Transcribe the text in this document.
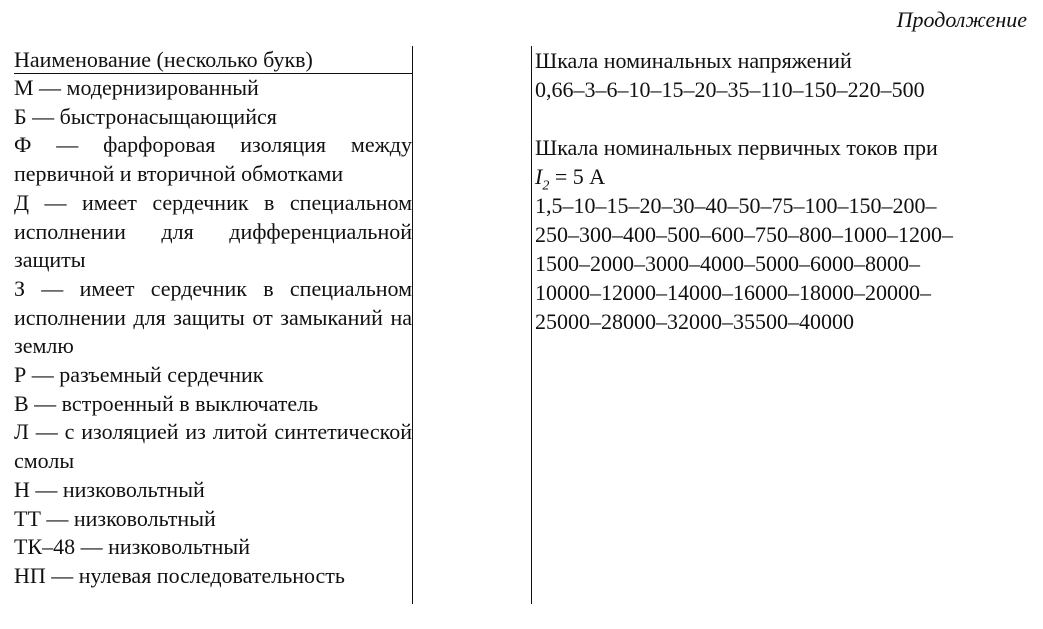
Продолжение
Наименование (несколько букв)
М — модернизированный
Б — быстронасыщающийся
Ф — фарфоровая изоляция между первичной и вторичной обмотками
Д — имеет сердечник в специальном исполнении для дифференциальной защиты
З — имеет сердечник в специальном исполнении для защиты от замыканий на землю
Р — разъемный сердечник
В — встроенный в выключатель
Л — с изоляцией из литой синтетической смолы
Н — низковольтный
ТТ — низковольтный
ТК–48 — низковольтный
НП — нулевая последовательность
Шкала номинальных напряжений
0,66–3–6–10–15–20–35–110–150–220–500
Шкала номинальных первичных токов при
$I_2 = 5$ А
1,5–10–15–20–30–40–50–75–100–150–200–
250–300–400–500–600–750–800–1000–1200–
1500–2000–3000–4000–5000–6000–8000–
10000–12000–14000–16000–18000–20000–
25000–28000–32000–35500–40000
